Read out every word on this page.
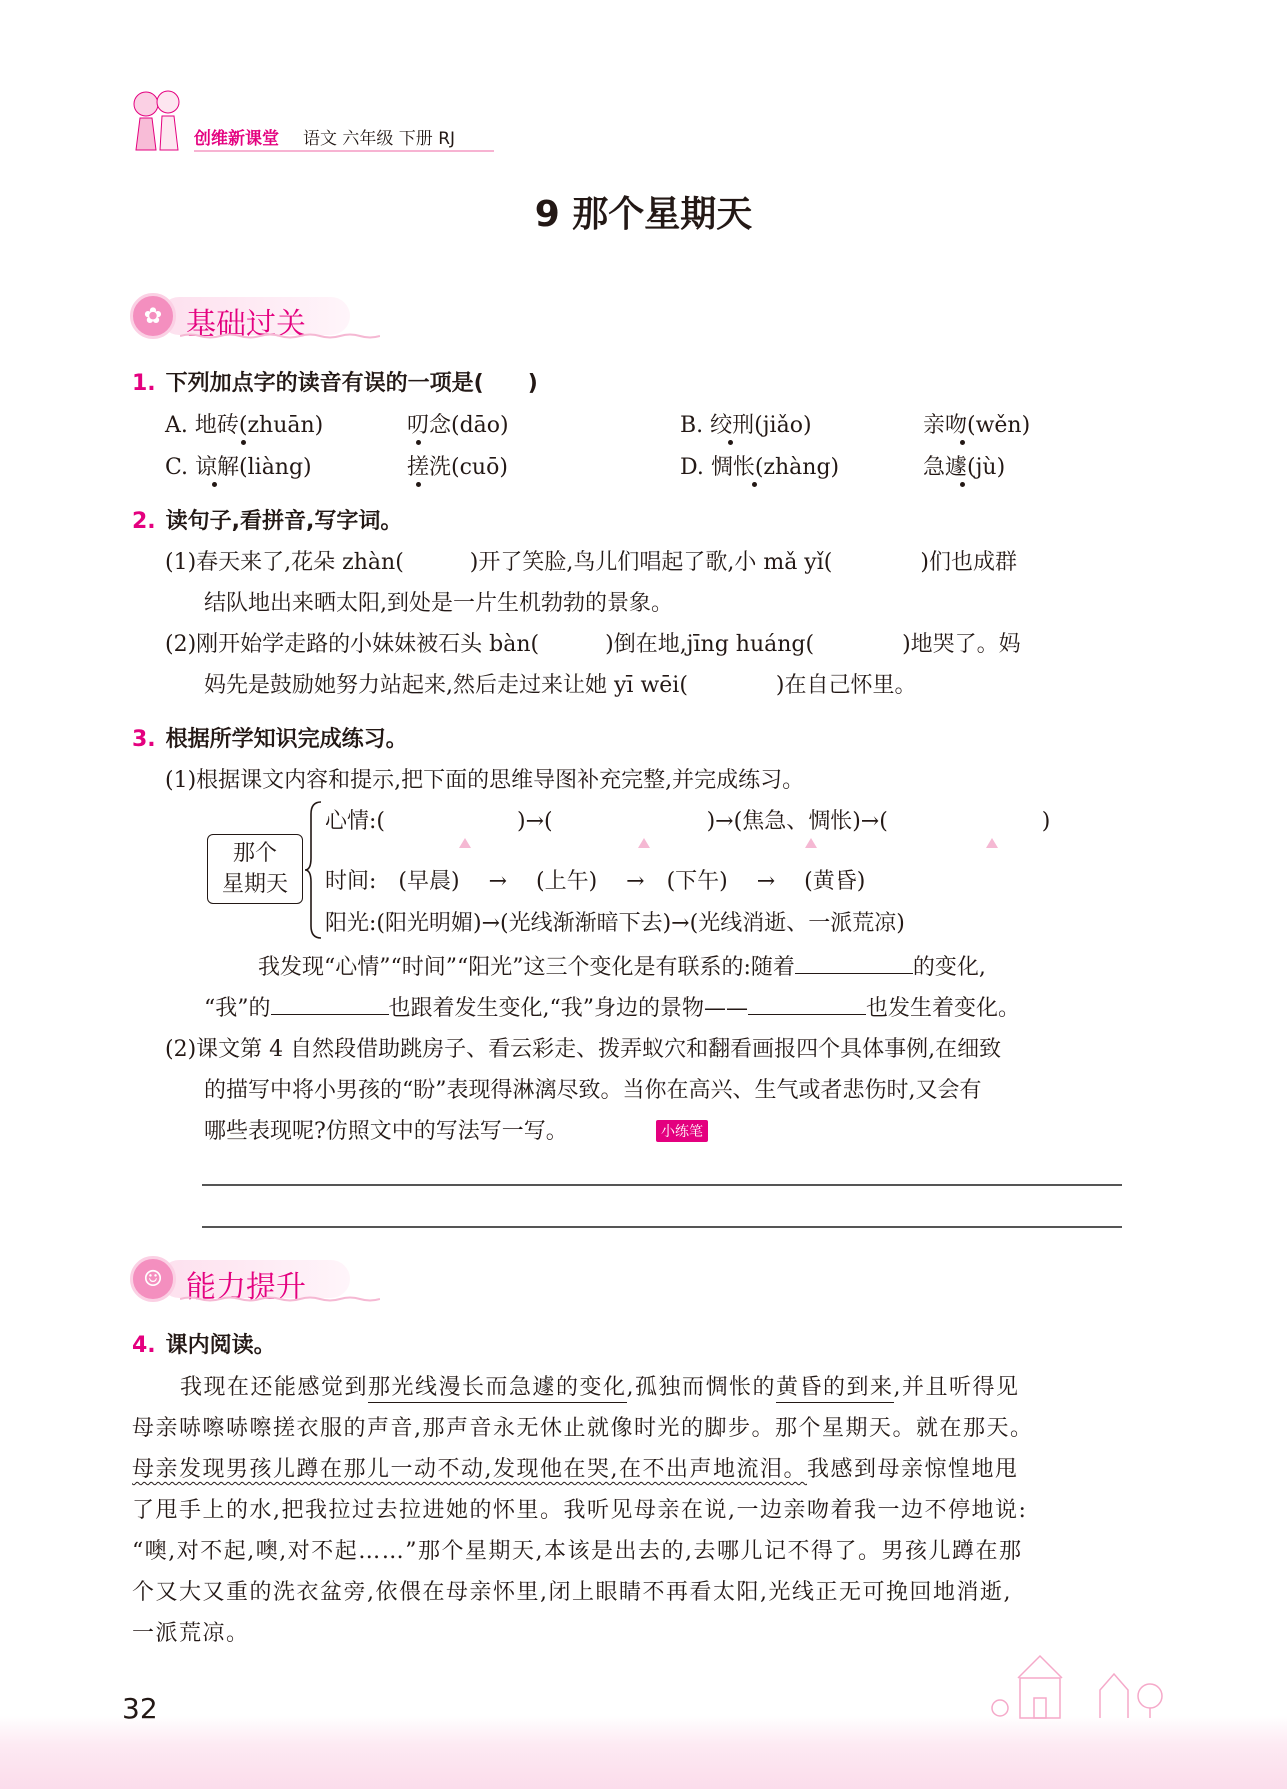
创维新课堂 语文 六年级 下册 RJ
9 那个星期天
✿ 基础过关
1. 下列加点字的读音有误的一项是(　　)
A. 地砖(zhuān)	叨念(dāo)	B. 绞刑(jiǎo)	亲吻(wěn)
C. 谅解(liàng)	搓洗(cuō)	D. 惆怅(zhàng)	急遽(jù)
2. 读句子,看拼音,写字词。
(1)春天来了,花朵 zhàn(　　　)开了笑脸,鸟儿们唱起了歌,小 mǎ yǐ(　　　　)们也成群
结队地出来晒太阳,到处是一片生机勃勃的景象。
(2)刚开始学走路的小妹妹被石头 bàn(　　　)倒在地,jīng huáng(　　　　)地哭了。妈
妈先是鼓励她努力站起来,然后走过来让她 yī wēi(　　　　)在自己怀里。
3. 根据所学知识完成练习。
(1)根据课文内容和提示,把下面的思维导图补充完整,并完成练习。
那个
星期天
心情:(　　　　　　)→(　　　　　　　)→(焦急、惆怅)→(　　　　　　　)
时间:　(早晨)　 →　 (上午)　 →　(下午)　 →　 (黄昏)
阳光:(阳光明媚)→(光线渐渐暗下去)→(光线消逝、一派荒凉)
我发现“心情”“时间”“阳光”这三个变化是有联系的:随着	的变化,
“我”的	也跟着发生变化,“我”身边的景物——	也发生着变化。
(2)课文第 4 自然段借助跳房子、看云彩走、拨弄蚁穴和翻看画报四个具体事例,在细致
的描写中将小男孩的“盼”表现得淋漓尽致。当你在高兴、生气或者悲伤时,又会有
哪些表现呢?仿照文中的写法写一写。	小练笔
☺ 能力提升
4. 课内阅读。
我现在还能感觉到那光线漫长而急遽的变化,孤独而惆怅的黄昏的到来,并且听得见
母亲哧嚓哧嚓搓衣服的声音,那声音永无休止就像时光的脚步。那个星期天。就在那天。
母亲发现男孩儿蹲在那儿一动不动,发现他在哭,在不出声地流泪。我感到母亲惊惶地甩
了甩手上的水,把我拉过去拉进她的怀里。我听见母亲在说,一边亲吻着我一边不停地说:
“噢,对不起,噢,对不起……”那个星期天,本该是出去的,去哪儿记不得了。男孩儿蹲在那
个又大又重的洗衣盆旁,依偎在母亲怀里,闭上眼睛不再看太阳,光线正无可挽回地消逝,
一派荒凉。
32
